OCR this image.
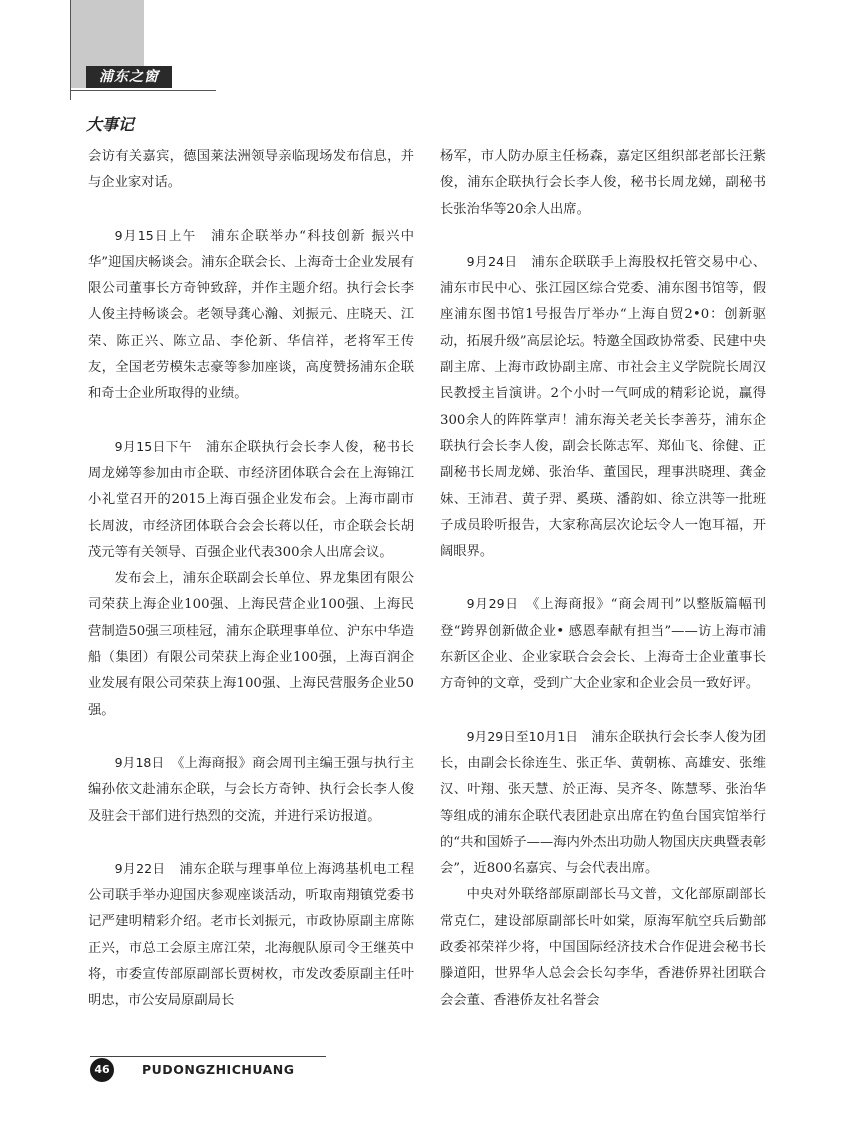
浦东之窗
大事记

会访有关嘉宾，德国莱法洲领导亲临现场发布信息，并与企业家对话。

9月15日上午　 浦东企联举办“科技创新 振兴中华”迎国庆畅谈会。浦东企联会长、上海奇士企业发展有限公司董事长方奇钟致辞，并作主题介绍。执行会长李人俊主持畅谈会。老领导龚心瀚、刘振元、庄晓天、江荣、陈正兴、陈立品、李伦新、华信祥，老将军王传友，全国老劳模朱志豪等参加座谈，高度赞扬浦东企联和奇士企业所取得的业绩。

9月15日下午　 浦东企联执行会长李人俊，秘书长周龙娣等参加由市企联、市经济团体联合会在上海锦江小礼堂召开的2015上海百强企业发布会。上海市副市长周波，市经济团体联合会会长蒋以任，市企联会长胡茂元等有关领导、百强企业代表300余人出席会议。

发布会上，浦东企联副会长单位、界龙集团有限公司荣获上海企业100强、上海民营企业100强、上海民营制造50强三项桂冠，浦东企联理事单位、沪东中华造船（集团）有限公司荣获上海企业100强，上海百润企业发展有限公司荣获上海100强、上海民营服务企业50强。

9月18日　 《上海商报》商会周刊主编王强与执行主编孙依文赴浦东企联，与会长方奇钟、执行会长李人俊及驻会干部们进行热烈的交流，并进行采访报道。

9月22日　 浦东企联与理事单位上海鸿基机电工程公司联手举办迎国庆参观座谈活动，听取南翔镇党委书记严建明精彩介绍。老市长刘振元，市政协原副主席陈正兴，市总工会原主席江荣，北海舰队原司令王继英中将，市委宣传部原副部长贾树枚，市发改委原副主任叶明忠，市公安局原副局长

杨军，市人防办原主任杨森，嘉定区组织部老部长汪紫俊，浦东企联执行会长李人俊，秘书长周龙娣，副秘书长张治华等20余人出席。

9月24日　 浦东企联联手上海股权托管交易中心、浦东市民中心、张江园区综合党委、浦东图书馆等，假座浦东图书馆1号报告厅举办“上海自贸2•0：创新驱动，拓展升级”高层论坛。特邀全国政协常委、民建中央副主席、上海市政协副主席、市社会主义学院院长周汉民教授主旨演讲。2个小时一气呵成的精彩论说，赢得300余人的阵阵掌声！浦东海关老关长李善芬，浦东企联执行会长李人俊，副会长陈志军、郑仙飞、徐健、正副秘书长周龙娣、张治华、董国民，理事洪晓理、龚金妹、王沛君、黄子羿、奚瑛、潘韵如、徐立洪等一批班子成员聆听报告，大家称高层次论坛令人一饱耳福，开阔眼界。

9月29日　 《上海商报》“商会周刊”以整版篇幅刊登“跨界创新做企业• 感恩奉献有担当”——访上海市浦东新区企业、企业家联合会会长、上海奇士企业董事长方奇钟的文章，受到广大企业家和企业会员一致好评。

9月29日至10月1日　 浦东企联执行会长李人俊为团长，由副会长徐连生、张正华、黄朝栋、高雄安、张维汉、叶翔、张天慧、於正海、吴齐冬、陈慧琴、张治华等组成的浦东企联代表团赴京出席在钓鱼台国宾馆举行的“共和国娇子——海内外杰出功勋人物国庆庆典暨表彰会”，近800名嘉宾、与会代表出席。

中央对外联络部原副部长马文普，文化部原副部长常克仁，建设部原副部长叶如棠，原海军航空兵后勤部政委祁荣祥少将，中国国际经济技术合作促进会秘书长滕道阳，世界华人总会会长勾李华，香港侨界社团联合会会董、香港侨友社名誉会

46	PUDONGZHICHUANG
